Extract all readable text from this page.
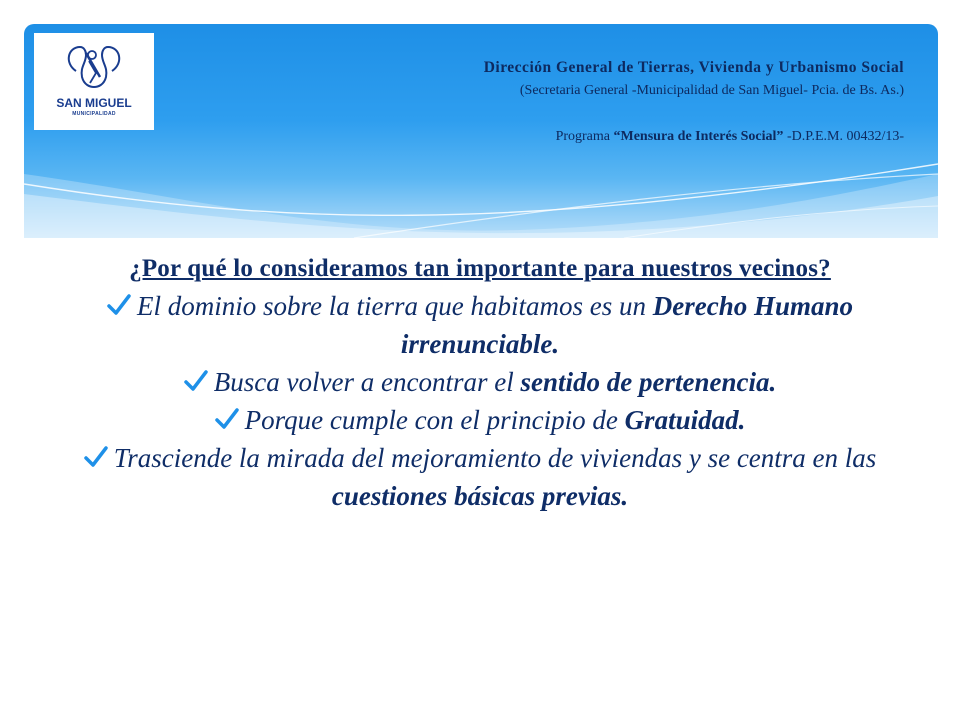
SAN MIGUEL
MUNICIPALIDAD
Dirección General de Tierras, Vivienda y Urbanismo Social
(Secretaria General -Municipalidad de San Miguel- Pcia. de Bs. As.)
Programa “Mensura de Interés Social” -D.P.E.M. 00432/13-
¿Por qué lo consideramos tan importante para nuestros vecinos?
El dominio sobre la tierra que habitamos es un Derecho Humano irrenunciable.
Busca volver a encontrar el sentido de pertenencia.
Porque cumple con el principio de Gratuidad.
Trasciende la mirada del mejoramiento de viviendas y se centra en las cuestiones básicas previas.
